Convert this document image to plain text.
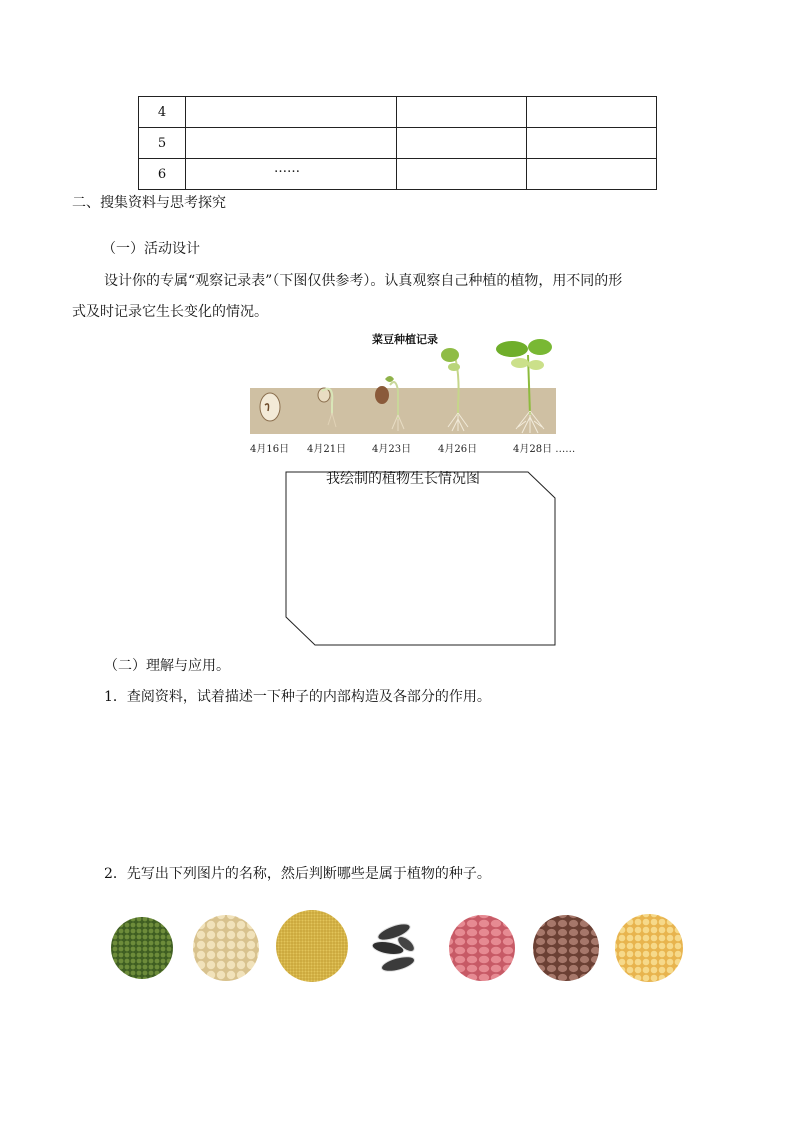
4			
5			
6	……		
二、搜集资料与思考探究
（一）活动设计
设计你的专属“观察记录表”（下图仅供参考）。认真观察自己种植的植物，用不同的形
式及时记录它生长变化的情况。
菜豆种植记录
4月16日 4月21日	4月23日	4月26日	4月28日 ……
我绘制的植物生长情况图
（二）理解与应用。
1．查阅资料，试着描述一下种子的内部构造及各部分的作用。
2．先写出下列图片的名称，然后判断哪些是属于植物的种子。
